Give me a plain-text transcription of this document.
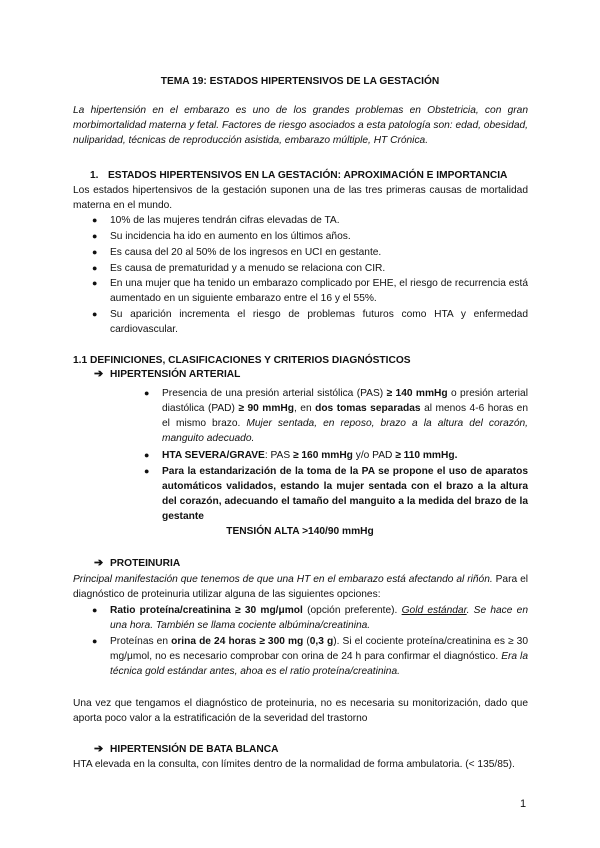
TEMA 19: ESTADOS HIPERTENSIVOS DE LA GESTACIÓN

La hipertensión en el embarazo es uno de los grandes problemas en Obstetricia, con gran morbimortalidad materna y fetal. Factores de riesgo asociados a esta patología son: edad, obesidad, nuliparidad, técnicas de reproducción asistida, embarazo múltiple, HT Crónica.

1. ESTADOS HIPERTENSIVOS EN LA GESTACIÓN: APROXIMACIÓN E IMPORTANCIA

Los estados hipertensivos de la gestación suponen una de las tres primeras causas de mortalidad materna en el mundo.

● 10% de las mujeres tendrán cifras elevadas de TA.
● Su incidencia ha ido en aumento en los últimos años.
● Es causa del 20 al 50% de los ingresos en UCI en gestante.
● Es causa de prematuridad y a menudo se relaciona con CIR.
● En una mujer que ha tenido un embarazo complicado por EHE, el riesgo de recurrencia está aumentado en un siguiente embarazo entre el 16 y el 55%.

● Su aparición incrementa el riesgo de problemas futuros como HTA y enfermedad cardiovascular.

1.1 DEFINICIONES, CLASIFICACIONES Y CRITERIOS DIAGNÓSTICOS
➔ HIPERTENSIÓN ARTERIAL
● Presencia de una presión arterial sistólica (PAS) ≥ 140 mmHg o presión arterial diastólica (PAD) ≥ 90 mmHg, en dos tomas separadas al menos 4-6 horas en el mismo brazo. Mujer sentada, en reposo, brazo a la altura del corazón, manguito adecuado.

● HTA SEVERA/GRAVE: PAS ≥ 160 mmHg y/o PAD ≥ 110 mmHg.
● Para la estandarización de la toma de la PA se propone el uso de aparatos automáticos validados, estando la mujer sentada con el brazo a la altura del corazón, adecuando el tamaño del manguito a la medida del brazo de la gestante

TENSIÓN ALTA >140/90 mmHg
➔ PROTEINURIA

Principal manifestación que tenemos de que una HT en el embarazo está afectando al riñón. Para el diagnóstico de proteinuria utilizar alguna de las siguientes opciones:

● Ratio proteína/creatinina ≥ 30 mg/μmol (opción preferente). Gold estándar. Se hace en una hora. También se llama cociente albúmina/creatinina.

● Proteínas en orina de 24 horas ≥ 300 mg (0,3 g). Si el cociente proteína/creatinina es ≥ 30 mg/μmol, no es necesario comprobar con orina de 24 h para confirmar el diagnóstico. Era la técnica gold estándar antes, ahoa es el ratio proteína/creatinina.

Una vez que tengamos el diagnóstico de proteinuria, no es necesaria su monitorización, dado que aporta poco valor a la estratificación de la severidad del trastorno

➔ HIPERTENSIÓN DE BATA BLANCA
HTA elevada en la consulta, con límites dentro de la normalidad de forma ambulatoria. (< 135/85).
1
